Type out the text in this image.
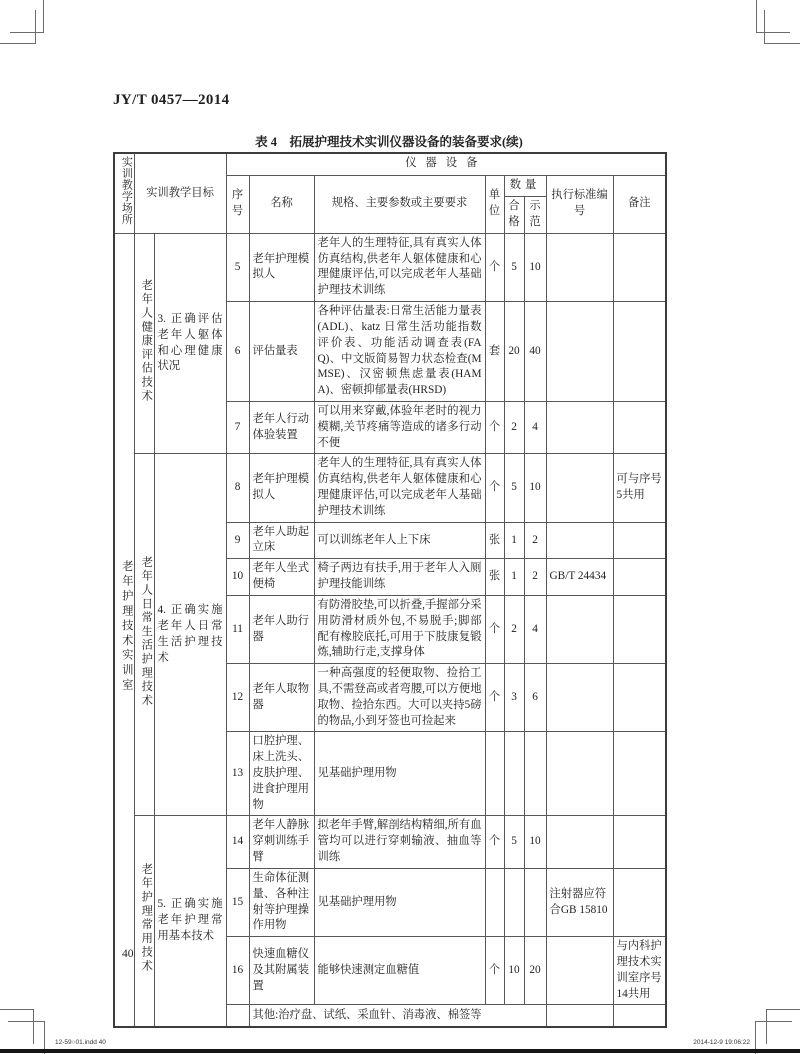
JY/T 0457—2014
表 4　拓展护理技术实训仪器设备的装备要求(续)
实训教学场所	实训教学目标		仪器设备							
			序号	名称	规格、主要参数或主要要求	单位	数量		执行标准编号	备注
							合格	示范		
老年护理技术实训室	老年人健康评估技术	3. 正确评估老年人躯体和心理健康状况	5	老年护理模拟人	老年人的生理特征,具有真实人体仿真结构,供老年人躯体健康和心理健康评估,可以完成老年人基础护理技术训练	个	5	10		
			6	评估量表	各种评估量表:日常生活能力量表(ADL)、katz 日常生活功能指数评价表、功能活动调查表(FAQ)、中文版简易智力状态检查(MMSE)、汉密顿焦虑量表(HAMA)、密顿抑郁量表(HRSD)	套	20	40		
			7	老年人行动体验装置	可以用来穿戴,体验年老时的视力模糊,关节疼痛等造成的诸多行动不便	个	2	4		
	老年人日常生活护理技术	4. 正确实施老年人日常生活护理技术	8	老年护理模拟人	老年人的生理特征,具有真实人体仿真结构,供老年人躯体健康和心理健康评估,可以完成老年人基础护理技术训练	个	5	10		可与序号5共用
			9	老年人助起立床	可以训练老年人上下床	张	1	2		
			10	老年人坐式便椅	椅子两边有扶手,用于老年人入厕护理技能训练	张	1	2	GB/T 24434	
			11	老年人助行器	有防滑胶垫,可以折叠,手握部分采用防滑材质外包,不易脱手;脚部配有橡胶底托,可用于下肢康复锻炼,辅助行走,支撑身体	个	2	4		
			12	老年人取物器	一种高强度的轻便取物、捡拾工具,不需登高或者弯腰,可以方便地取物、捡拾东西。大可以夹持5磅的物品,小到牙签也可捡起来	个	3	6		
			13	口腔护理、床上洗头、皮肤护理、进食护理用物	见基础护理用物					
	老年护理常用技术	5. 正确实施老年护理常用基本技术	14	老年人静脉穿刺训练手臂	拟老年手臂,解剖结构精细,所有血管均可以进行穿刺输液、抽血等训练	个	5	10		
			15	生命体征测量、各种注射等护理操作用物	见基础护理用物				注射器应符合GB 15810	
			16	快速血糖仪及其附属装置	能够快速测定血糖值	个	10	20		与内科护理技术实训室序号14共用
				其他:治疗盘、试纸、采血针、消毒液、棉签等						
40
12-59○01.indd 40	2014-12-9 19:06:22
